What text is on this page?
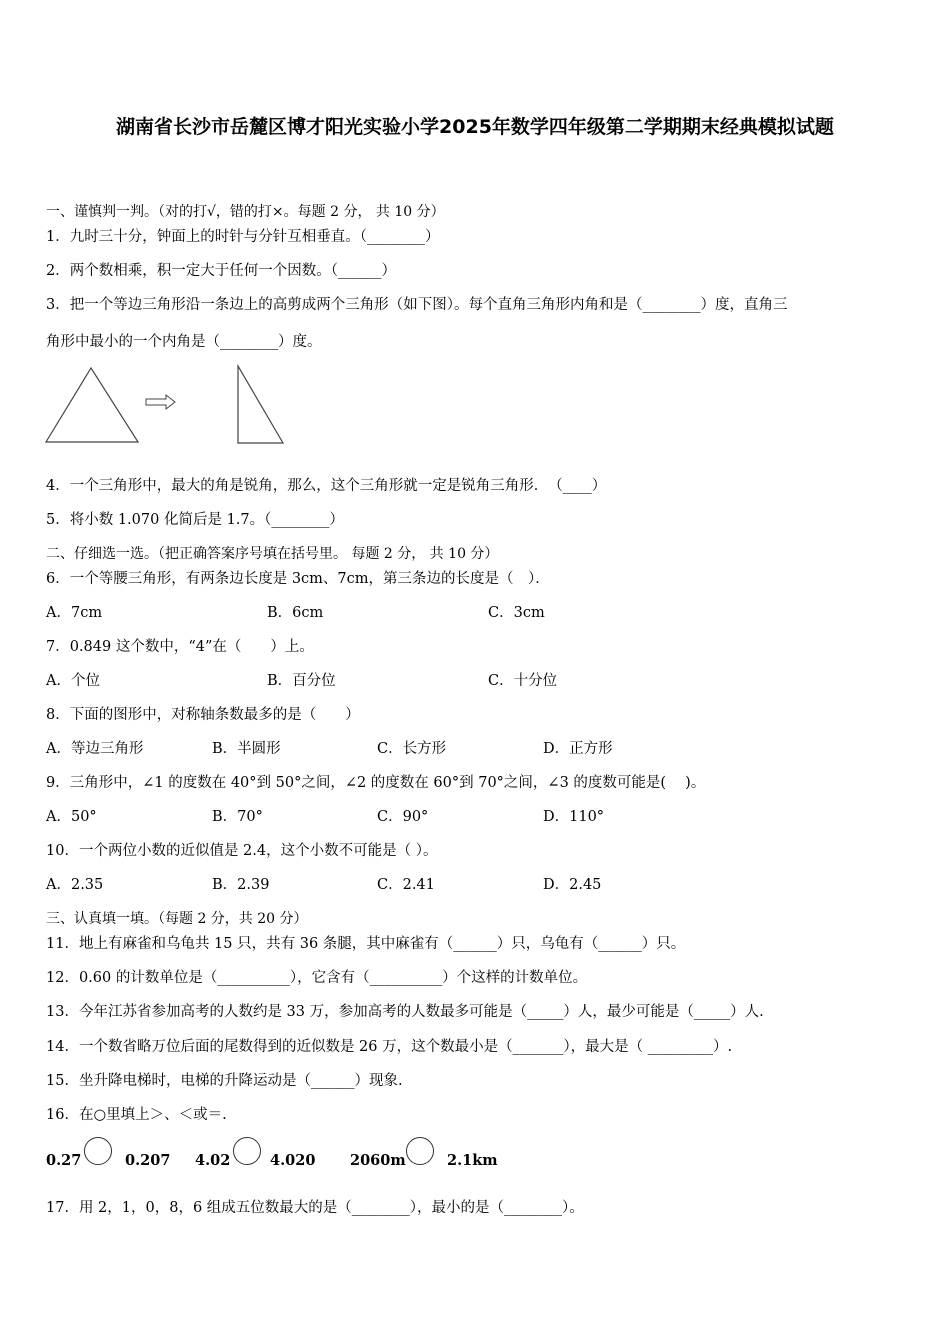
湖南省长沙市岳麓区博才阳光实验小学2025年数学四年级第二学期期末经典模拟试题
一、谨慎判一判。（对的打√，错的打×。每题 2 分， 共 10 分）
1．九时三十分，钟面上的时针与分针互相垂直。（________）
2．两个数相乘，积一定大于任何一个因数。（______）
3．把一个等边三角形沿一条边上的高剪成两个三角形（如下图）。每个直角三角形内角和是（________）度，直角三
角形中最小的一个内角是（________）度。
4．一个三角形中，最大的角是锐角，那么，这个三角形就一定是锐角三角形．　（____）
5．将小数 1.070 化简后是 1.7。（________）
二、仔细选一选。（把正确答案序号填在括号里。 每题 2 分， 共 10 分）
6．一个等腰三角形，有两条边长度是 3cm、7cm，第三条边的长度是（　）．
A．7cm	B．6cm	C．3cm
7．0.849 这个数中，“4”在（　　）上。
A．个位	B．百分位	C．十分位
8．下面的图形中，对称轴条数最多的是（　　）
A．等边三角形	B．半圆形	C．长方形	D．正方形
9．三角形中，∠1 的度数在 40°到 50°之间，∠2 的度数在 60°到 70°之间，∠3 的度数可能是(　 )。
A．50°	B．70°	C．90°	D．110°
10．一个两位小数的近似值是 2.4，这个小数不可能是（ ）。
A．2.35	B．2.39	C．2.41	D．2.45
三、认真填一填。（每题 2 分，共 20 分）
11．地上有麻雀和乌龟共 15 只，共有 36 条腿，其中麻雀有（______）只，乌龟有（______）只。
12．0.60 的计数单位是（__________），它含有（__________）个这样的计数单位。
13．今年江苏省参加高考的人数约是 33 万，参加高考的人数最多可能是（_____）人，最少可能是（_____）人.
14．一个数省略万位后面的尾数得到的近似数是 26 万，这个数最小是（_______），最大是（ _________）.
15．坐升降电梯时，电梯的升降运动是（______）现象.
16．在○里填上＞、＜或＝.
0.27	0.207 4.02	4.020 2060m	2.1km
17．用 2，1，0，8，6 组成五位数最大的是（________），最小的是（________）。
